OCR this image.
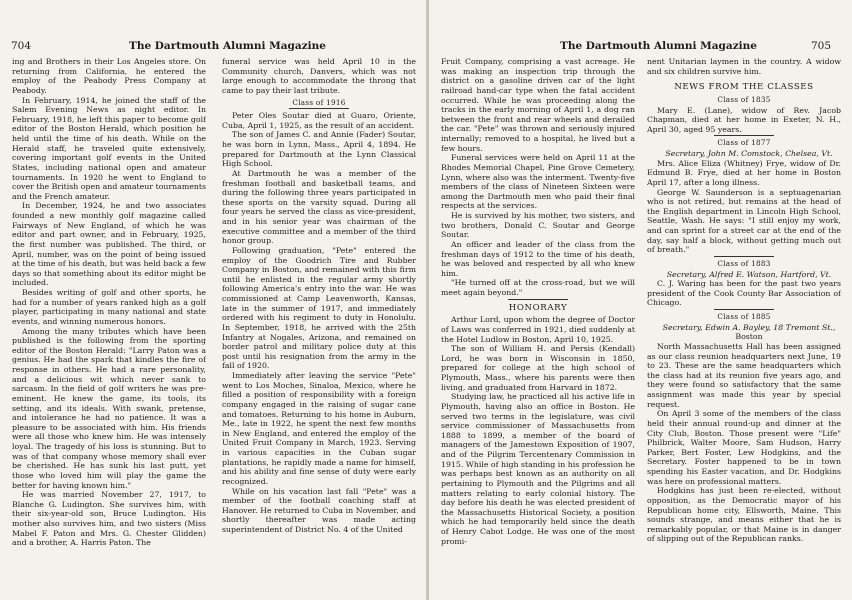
704	The Dartmouth Alumni Magazine

ing and Brothers in their Los Angeles store. On returning from California, he entered the employ of the Peabody Press Company at Peabody.

In February, 1914, he joined the staff of the Salem Evening News as night editor. In February, 1918, he left this paper to become golf editor of the Boston Herald, which position he held until the time of his death. While on the Herald staff, he traveled quite extensively, covering important golf events in the United States, including national open and amateur tournaments. In 1920 he went to England to cover the British open and amateur tournaments and the French amateur.

In December, 1924, he and two associates founded a new monthly golf magazine called Fairways of New England, of which he was editor and part owner, and in February, 1925, the first number was published. The third, or April, number, was on the point of being issued at the time of his death, but was held back a few days so that something about its editor might be included.

Besides writing of golf and other sports, he had for a number of years ranked high as a golf player, participating in many national and state events, and winning numerous honors.

Among the many tributes which have been published is the following from the sporting editor of the Boston Herald: "Larry Paton was a genius. He had the spark that kindles the fire of response in others. He had a rare personality, and a delicious wit which never sank to sarcasm. In the field of golf writers he was pre-eminent. He knew the game, its tools, its setting, and its ideals. With swank, pretense, and intolerance he had no patience. It was a pleasure to be associated with him. His friends were all those who knew him. He was intensely loyal. The tragedy of his loss is stunning. But to was of that company whose memory shall ever be cherished. He has sunk his last putt, yet those who loved him will play the game the better for having known him."

He was married November 27, 1917, to Blanche G. Ludington. She survives him, with their six-year-old son, Bruce Ludington. His mother also survives him, and two sisters (Miss Mabel F. Paton and Mrs. G. Chester Glidden) and a brother, A. Harris Paton. The

funeral service was held April 10 in the Community church, Danvers, which was not large enough to accommodate the throng that came to pay their last tribute.

Class of 1916

Peter Oles Soutar died at Guaro, Oriente, Cuba, April 1, 1925, as the result of an accident.

The son of James C. and Annie (Fader) Soutar, he was born in Lynn, Mass., April 4, 1894. He prepared for Dartmouth at the Lynn Classical High School.

At Dartmouth he was a member of the freshman football and basketball teams, and during the following three years participated in these sports on the varsity squad. During all four years he served the class as vice-president, and in his senior year was chairman of the executive committee and a member of the third honor group.

Following graduation, "Pete" entered the employ of the Goodrich Tire and Rubber Company in Boston, and remained with this firm until he enlisted in the regular army shortly following America's entry into the war. He was commissioned at Camp Leavenworth, Kansas, late in the summer of 1917, and immediately ordered with his regiment to duty in Honolulu. In September, 1918, he arrived with the 25th Infantry at Nogales, Arizona, and remained on border patrol and military police duty at this post until his resignation from the army in the fall of 1920.

Immediately after leaving the service "Pete" went to Los Moches, Sinaloa, Mexico, where he filled a position of responsibility with a foreign company engaged in the raising of sugar cane and tomatoes. Returning to his home in Auburn, Me., late in 1922, he spent the next few months in New England, and entered the employ of the United Fruit Company in March, 1923. Serving in various capacities in the Cuban sugar plantations, he rapidly made a name for himself, and his ability and fine sense of duty were early recognized.

While on his vacation last fall "Pete" was a member of the football coaching staff at Hanover. He returned to Cuba in November, and shortly thereafter was made acting superintendent of District No. 4 of the United

The Dartmouth Alumni Magazine	705

Fruit Company, comprising a vast acreage. He was making an inspection trip through the district on a gasoline driven car of the light railroad hand-car type when the fatal accident occurred. While he was proceeding along the tracks in the early morning of April 1, a dog ran between the front and rear wheels and derailed the car. "Pete" was thrown and seriously injured internally; removed to a hospital, he lived but a few hours.

Funeral services were held on April 11 at the Rhodes Memorial Chapel, Pine Grove Cemetery, Lynn, where also was the interment. Twenty-five members of the class of Nineteen Sixteen were among the Dartmouth men who paid their final respects at the services.

He is survived by his mother, two sisters, and two brothers, Donald C. Soutar and George Soutar.

An officer and leader of the class from the freshman days of 1912 to the time of his death, he was beloved and respected by all who knew him.

"He turned off at the cross-road, but we will meet again beyond."

HONORARY

Arthur Lord, upon whom the degree of Doctor of Laws was conferred in 1921, died suddenly at the Hotel Ludlow in Boston, April 10, 1925.

The son of William H. and Persis (Kendall) Lord, he was born in Wisconsin in 1850, prepared for college at the high school of Plymouth, Mass., where his parents were then living, and graduated from Harvard in 1872.

Studying law, he practiced all his active life in Plymouth, having also an office in Boston. He served two terms in the legislature, was civil service commissioner of Massachusetts from 1888 to 1899, a member of the board of managers of the Jamestown Exposition of 1907, and of the Pilgrim Tercentenary Commission in 1915. While of high standing in his profession he was perhaps best known as an authority on all pertaining to Plymouth and the Pilgrims and all matters relating to early colonial history. The day before his death he was elected president of the Massachusetts Historical Society, a position which he had temporarily held since the death of Henry Cabot Lodge. He was one of the most promi-

nent Unitarian laymen in the country. A widow and six children survive him.

NEWS FROM THE CLASSES
Class of 1835

Mary E. (Lane), widow of Rev. Jacob Chapman, died at her home in Exeter, N. H., April 30, aged 95 years.

Class of 1877

Secretary, John M. Comstock, Chelsea, Vt.

Mrs. Alice Eliza (Whitney) Frye, widow of Dr. Edmund B. Frye, died at her home in Boston April 17, after a long illness.

George W. Saunderson is a septuagenarian who is not retired, but remains at the head of the English department in Lincoln High School, Seattle, Wash. He says: "I still enjoy my work, and can sprint for a street car at the end of the day, say half a block, without getting much out of breath."

Class of 1883

Secretary, Alfred E. Watson, Hartford, Vt.

C. J. Waring has been for the past two years president of the Cook County Bar Association of Chicago.

Class of 1885

Secretary, Edwin A. Bayley, 18 Tremont St.,

Boston

North Massachusetts Hall has been assigned as our class reunion headquarters next June, 19 to 23. These are the same headquarters which the class had at its reunion five years ago, and they were found so satisfactory that the same assignment was made this year by special request.

On April 3 some of the members of the class held their annual round-up and dinner at the City Club, Boston. Those present were "Life" Philbrick, Walter Moore, Sam Hudson, Harry Parker, Bert Foster, Lew Hodgkins, and the Secretary. Foster happened to be in town spending his Easter vacation, and Dr. Hodgkins was here on professional matters.

Hodgkins has just been re-elected, without opposition, as the Democratic mayor of his Republican home city, Ellsworth, Maine. This sounds strange, and means either that he is remarkably popular, or that Maine is in danger of slipping out of the Republican ranks.
